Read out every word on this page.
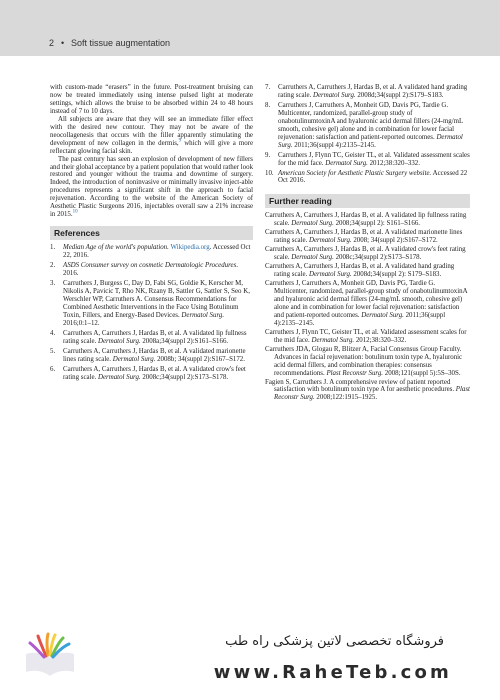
2 • Soft tissue augmentation

with custom-made “erasers” in the future. Post-treatment bruising can now be treated immediately using intense pulsed light at moderate settings, which allows the bruise to be absorbed within 24 to 48 hours instead of 7 to 10 days.

All subjects are aware that they will see an immediate filler effect with the desired new contour. They may not be aware of the neocollagenesis that occurs with the filler apparently stimulating the development of new collagen in the dermis,$^9$ which will give a more reflectant glowing facial skin.

The past century has seen an explosion of development of new fillers and their global acceptance by a patient population that would rather look restored and younger without the trauma and downtime of surgery. Indeed, the introduction of noninvasive or minimally invasive inject-able procedures represents a significant shift in the approach to facial rejuvenation. According to the website of the American Society of Aesthetic Plastic Surgeons 2016, injectables overall saw a 21% increase in 2015.10

References
1.	Median Age of the world's population. Wikipedia.org. Accessed Oct 22, 2016.
2.	ASDS Consumer survey on cosmetic Dermatologic Procedures. 2016.
3.	Carruthers J, Burgess C, Day D, Fabi SG, Goldie K, Kerscher M, Nikolis A, Pavicic T, Rho NK, Rzany B, Sattler G, Sattler S, Seo K, Werschler WP, Carruthers A. Consensus Recommendations for Combined Aesthetic Interventions in the Face Using Botulinum Toxin, Fillers, and Energy-Based Devices. Dermatol Surg. 2016;0:1–12.
4.	Carruthers A, Carruthers J, Hardas B, et al. A validated lip fullness rating scale. Dermatol Surg. 2008a;34(suppl 2):S161–S166.
5.	Carruthers A, Carruthers J, Hardas B, et al. A validated marionette lines rating scale. Dermatol Surg. 2008b; 34(suppl 2):S167–S172.
6.	Carruthers A, Carruthers J, Hardas B, et al. A validated crow's feet rating scale. Dermatol Surg. 2008c;34(suppl 2):S173–S178.
7.	Carruthers A, Carruthers J, Hardas B, et al. A validated hand grading rating scale. Dermatol Surg. 2008d;34(suppl 2):S179–S183.
8.	Carruthers J, Carruthers A, Monheit GD, Davis PG, Tardie G. Multicenter, randomized, parallel-group study of onabotulinumtoxinA and hyaluronic acid dermal fillers (24-mg/mL smooth, cohesive gel) alone and in combination for lower facial rejuvenation: satisfaction and patient-reported outcomes. Dermatol Surg. 2011;36(suppl 4):2135–2145.
9.	Carruthers J, Flynn TC, Geister TL, et al. Validated assessment scales for the mid face. Dermatol Surg. 2012;38:320–332.
10. American Society for Aesthetic Plastic Surgery website. Accessed 22 Oct 2016.
Further reading

Carruthers A, Carruthers J, Hardas B, et al. A validated lip fullness rating scale. Dermatol Surg. 2008;34(suppl 2): S161–S166.

Carruthers A, Carruthers J, Hardas B, et al. A validated marionette lines rating scale. Dermatol Surg. 2008; 34(suppl 2):S167–S172.

Carruthers A, Carruthers J, Hardas B, et al. A validated crow's feet rating scale. Dermatol Surg. 2008c;34(suppl 2):S173–S178.

Carruthers A, Carruthers J, Hardas B, et al. A validated hand grading rating scale. Dermatol Surg. 2008d;34(suppl 2): S179–S183.

Carruthers J, Carruthers A, Monheit GD, Davis PG, Tardie G. Multicenter, randomized, parallel-group study of onabotulinumtoxinA and hyaluronic acid dermal fillers (24-mg/mL smooth, cohesive gel) alone and in combination for lower facial rejuvenation: satisfaction and patient-reported outcomes. Dermatol Surg. 2011;36(suppl 4):2135–2145.

Carruthers J, Flynn TC, Geister TL, et al. Validated assessment scales for the mid face. Dermatol Surg. 2012;38:320–332.

Carruthers JDA, Glogau R, Blitzer A, Facial Consensus Group Faculty. Advances in facial rejuvenation: botulinum toxin type A, hyaluronic acid dermal fillers, and combination therapies: consensus recommendations. Plast Reconstr Surg. 2008;121(suppl 5):5S–30S.

Fagien S, Carruthers J. A comprehensive review of patient reported satisfaction with botulinum toxin type A for aesthetic procedures. Plast Reconstr Surg. 2008;122:1915–1925.

فروشگاه تخصصی لاتین پزشکی راه طب
www.RaheTeb.com
